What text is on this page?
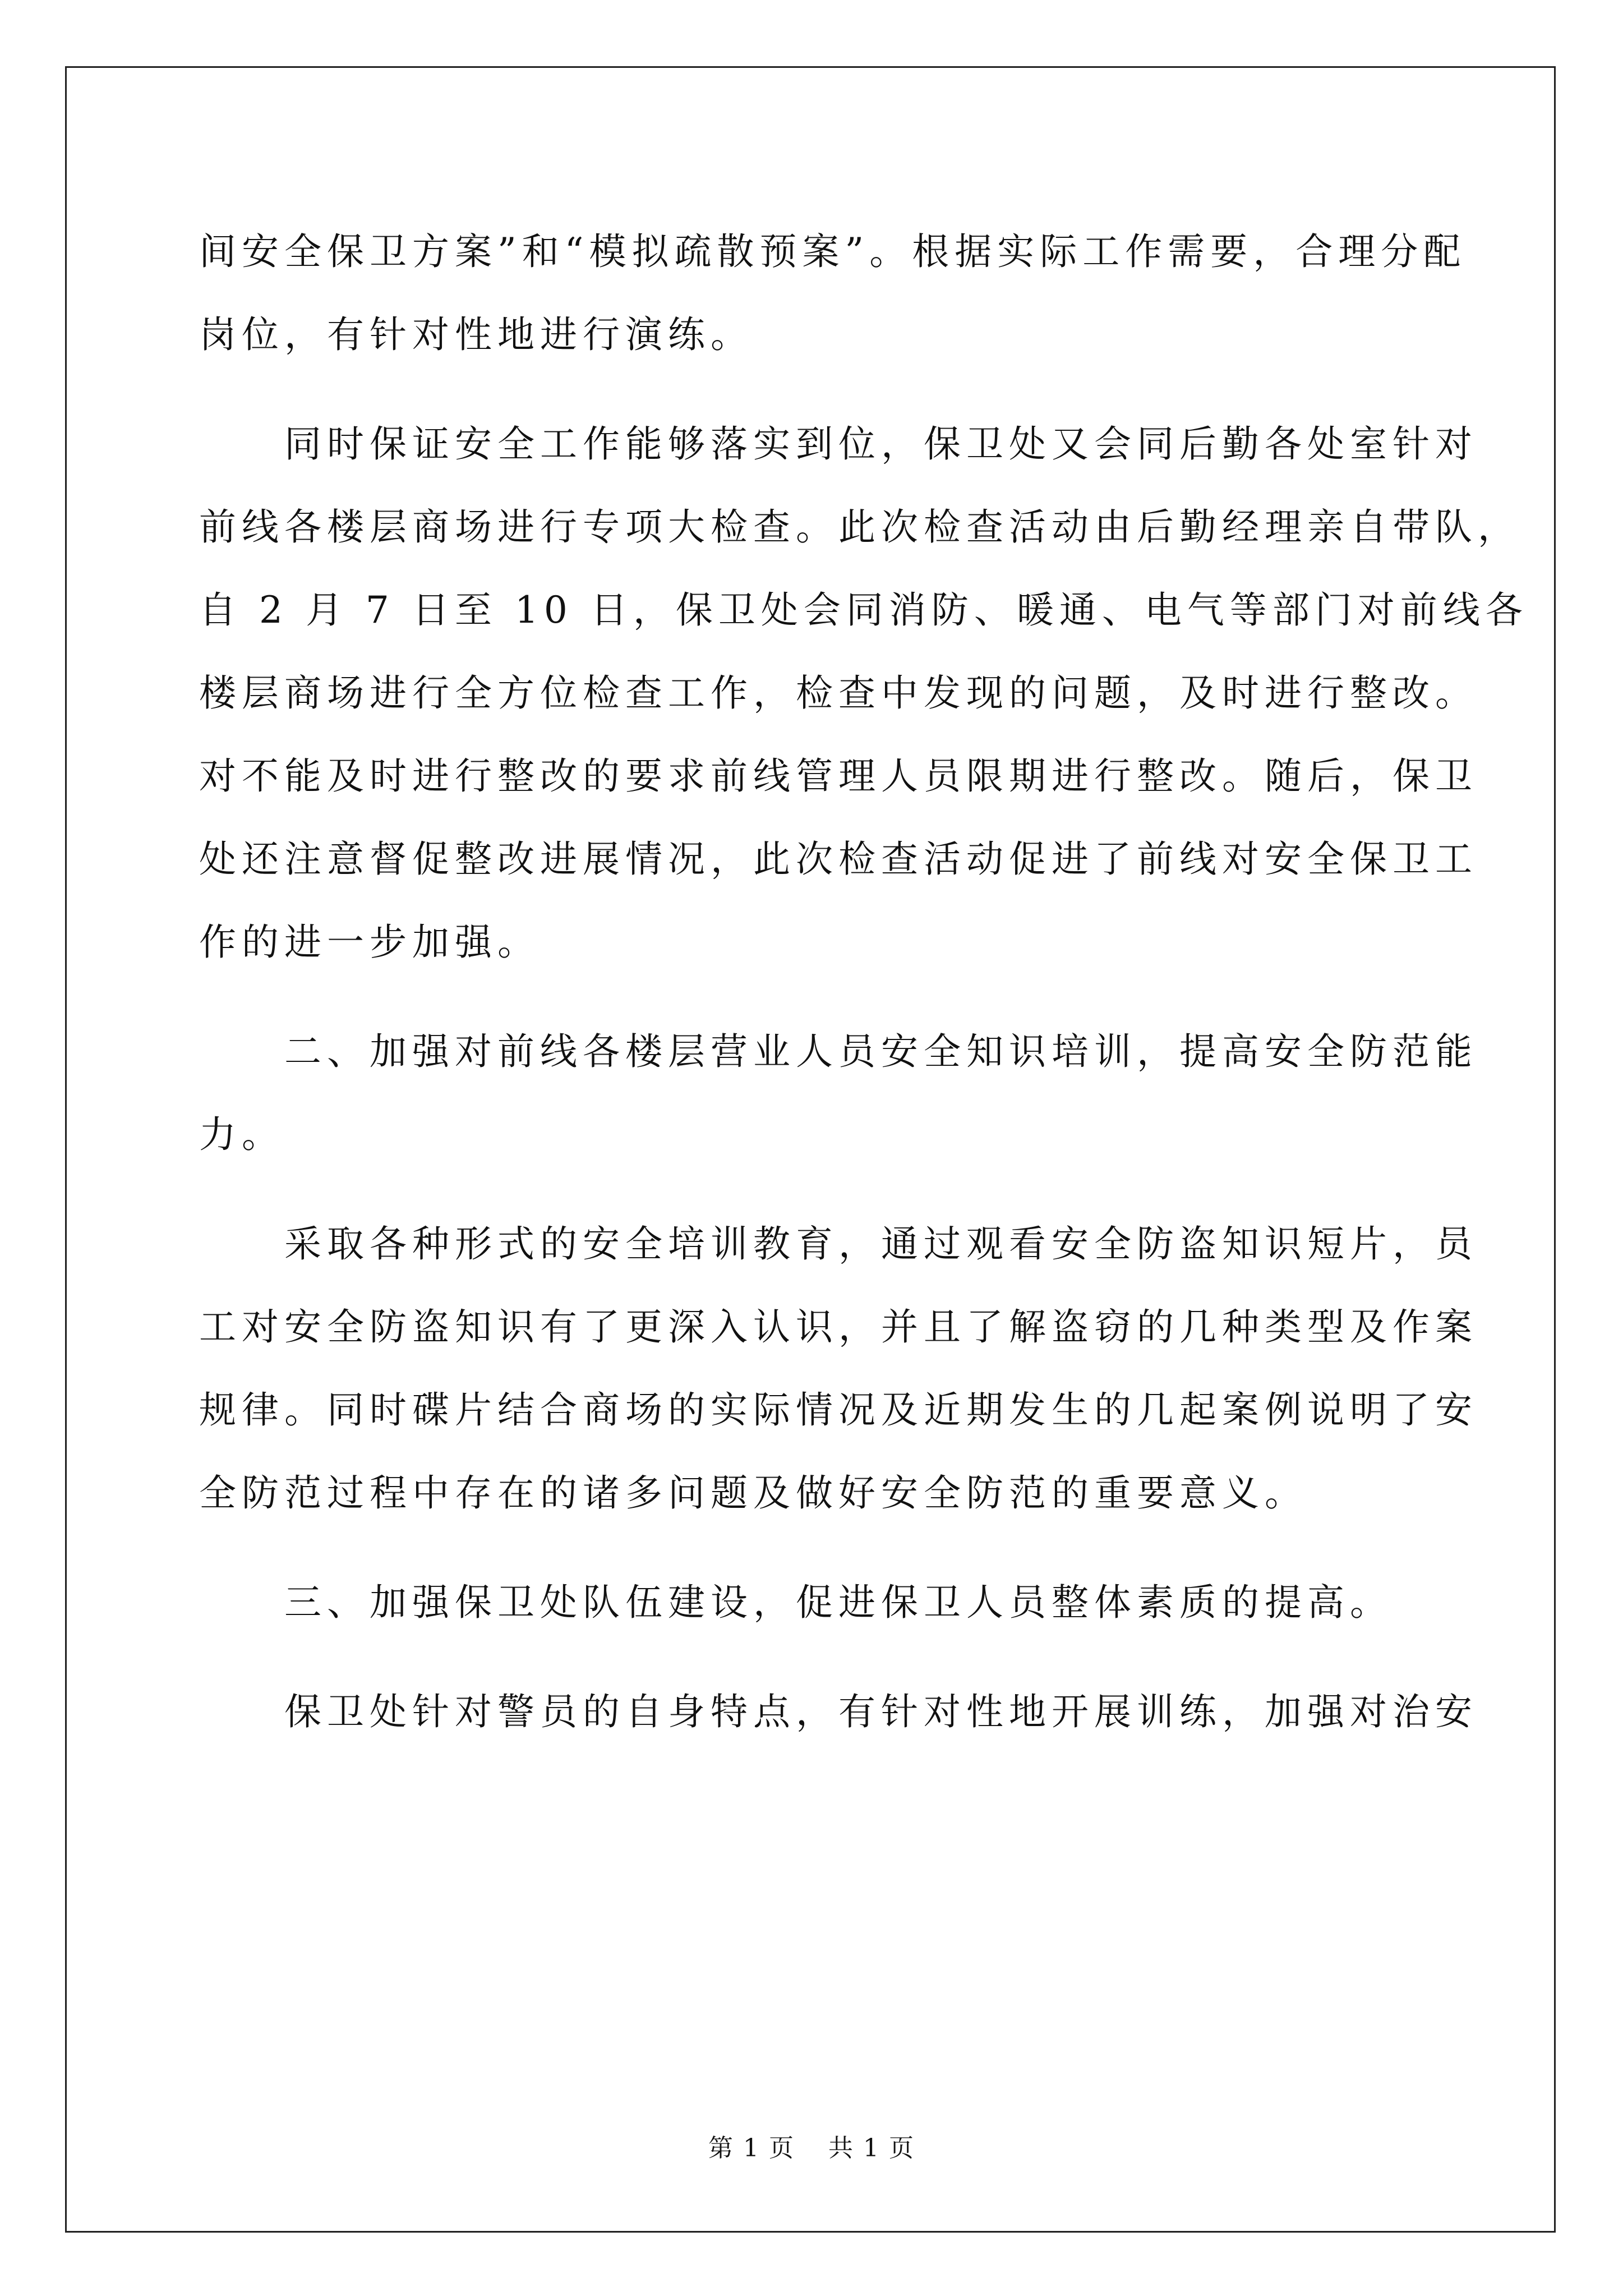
间安全保卫方案”和“模拟疏散预案”。根据实际工作需要，合理分配

岗位，有针对性地进行演练。

　　同时保证安全工作能够落实到位，保卫处又会同后勤各处室针对

前线各楼层商场进行专项大检查。此次检查活动由后勤经理亲自带队，

自 2 月 7 日至 10 日，保卫处会同消防、暖通、电气等部门对前线各

楼层商场进行全方位检查工作，检查中发现的问题，及时进行整改。

对不能及时进行整改的要求前线管理人员限期进行整改。随后，保卫

处还注意督促整改进展情况，此次检查活动促进了前线对安全保卫工

作的进一步加强。

　　二、加强对前线各楼层营业人员安全知识培训，提高安全防范能

力。

　　采取各种形式的安全培训教育，通过观看安全防盗知识短片，员

工对安全防盗知识有了更深入认识，并且了解盗窃的几种类型及作案

规律。同时碟片结合商场的实际情况及近期发生的几起案例说明了安

全防范过程中存在的诸多问题及做好安全防范的重要意义。

　　三、加强保卫处队伍建设，促进保卫人员整体素质的提高。

　　保卫处针对警员的自身特点，有针对性地开展训练，加强对治安

第 1 页 共 1 页
